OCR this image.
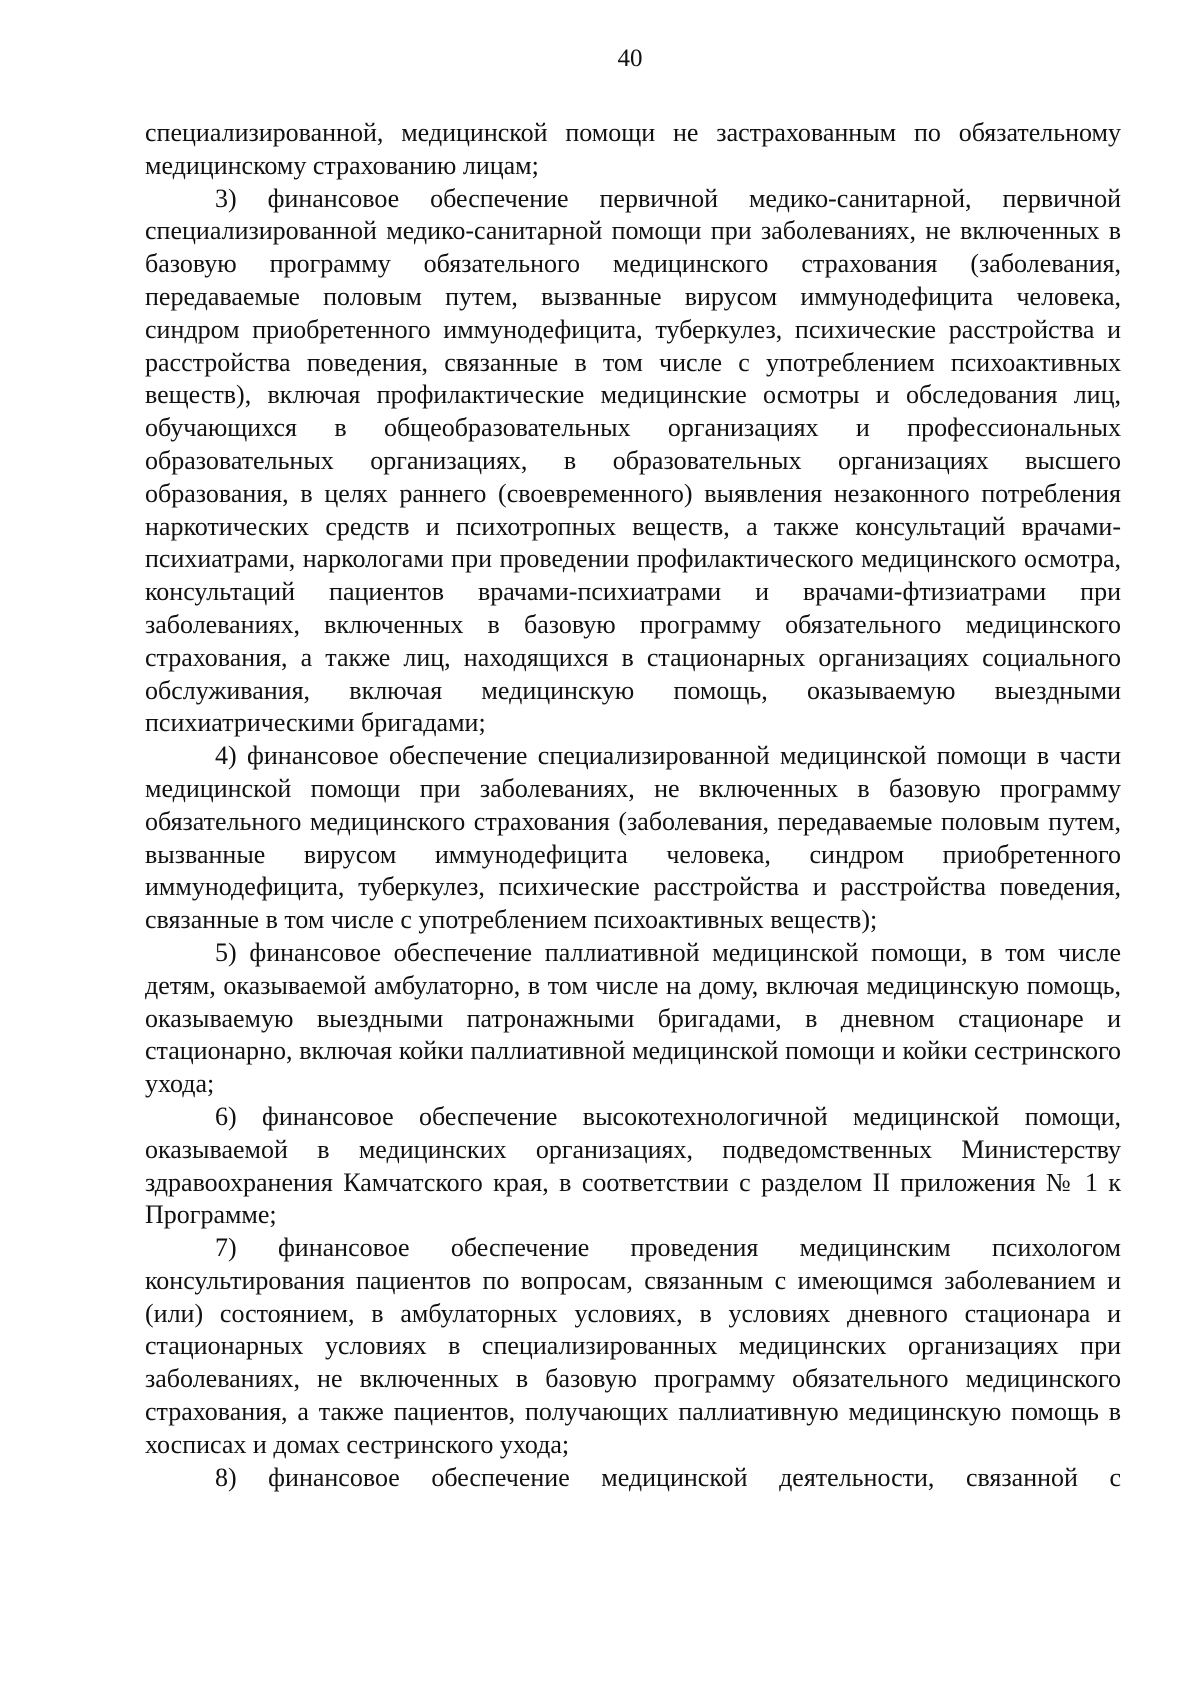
40

специализированной, медицинской помощи не застрахованным по обязательному медицинскому страхованию лицам;

3) финансовое обеспечение первичной медико-санитарной, первичной специализированной медико-санитарной помощи при заболеваниях, не включенных в базовую программу обязательного медицинского страхования (заболевания, передаваемые половым путем, вызванные вирусом иммунодефицита человека, синдром приобретенного иммунодефицита, туберкулез, психические расстройства и расстройства поведения, связанные в том числе с употреблением психоактивных веществ), включая профилактические медицинские осмотры и обследования лиц, обучающихся в общеобразовательных организациях и профессиональных образовательных организациях, в образовательных организациях высшего образования, в целях раннего (своевременного) выявления незаконного потребления наркотических средств и психотропных веществ, а также консультаций врачами-психиатрами, наркологами при проведении профилактического медицинского осмотра, консультаций пациентов врачами-психиатрами и врачами-фтизиатрами при заболеваниях, включенных в базовую программу обязательного медицинского страхования, а также лиц, находящихся в стационарных организациях социального обслуживания, включая медицинскую помощь, оказываемую выездными психиатрическими бригадами;

4) финансовое обеспечение специализированной медицинской помощи в части медицинской помощи при заболеваниях, не включенных в базовую программу обязательного медицинского страхования (заболевания, передаваемые половым путем, вызванные вирусом иммунодефицита человека, синдром приобретенного иммунодефицита, туберкулез, психические расстройства и расстройства поведения, связанные в том числе с употреблением психоактивных веществ);

5) финансовое обеспечение паллиативной медицинской помощи, в том числе детям, оказываемой амбулаторно, в том числе на дому, включая медицинскую помощь, оказываемую выездными патронажными бригадами, в дневном стационаре и стационарно, включая койки паллиативной медицинской помощи и койки сестринского ухода;

6) финансовое обеспечение высокотехнологичной медицинской помощи, оказываемой в медицинских организациях, подведомственных Министерству здравоохранения Камчатского края, в соответствии с разделом II приложения № 1 к Программе;

7) финансовое обеспечение проведения медицинским психологом консультирования пациентов по вопросам, связанным с имеющимся заболеванием и (или) состоянием, в амбулаторных условиях, в условиях дневного стационара и стационарных условиях в специализированных медицинских организациях при заболеваниях, не включенных в базовую программу обязательного медицинского страхования, а также пациентов, получающих паллиативную медицинскую помощь в хосписах и домах сестринского ухода;

8) финансовое обеспечение медицинской деятельности, связанной с
